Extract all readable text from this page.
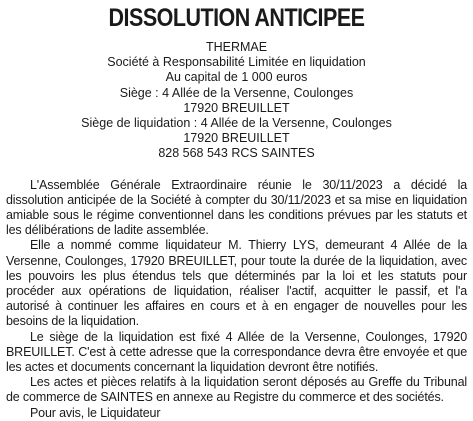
DISSOLUTION ANTICIPEE
THERMAE
Société à Responsabilité Limitée en liquidation
Au capital de 1 000 euros
Siège : 4 Allée de la Versenne, Coulonges
17920 BREUILLET
Siège de liquidation : 4 Allée de la Versenne, Coulonges
17920 BREUILLET
828 568 543 RCS SAINTES

L'Assemblée Générale Extraordinaire réunie le 30/11/2023 a décidé la dissolution anticipée de la Société à compter du 30/11/2023 et sa mise en liquidation amiable sous le régime conventionnel dans les conditions prévues par les statuts et les délibérations de ladite assemblée.

Elle a nommé comme liquidateur M. Thierry LYS, demeurant 4 Allée de la Versenne, Coulonges, 17920 BREUILLET, pour toute la durée de la liquidation, avec les pouvoirs les plus étendus tels que déterminés par la loi et les statuts pour procéder aux opérations de liquidation, réaliser l'actif, acquitter le passif, et l'a autorisé à continuer les affaires en cours et à en engager de nouvelles pour les besoins de la liquidation.

Le siège de la liquidation est fixé 4 Allée de la Versenne, Coulonges, 17920 BREUILLET. C'est à cette adresse que la correspondance devra être envoyée et que les actes et documents concernant la liquidation devront être notifiés.

Les actes et pièces relatifs à la liquidation seront déposés au Greffe du Tribunal de commerce de SAINTES en annexe au Registre du commerce et des sociétés.

Pour avis, le Liquidateur
